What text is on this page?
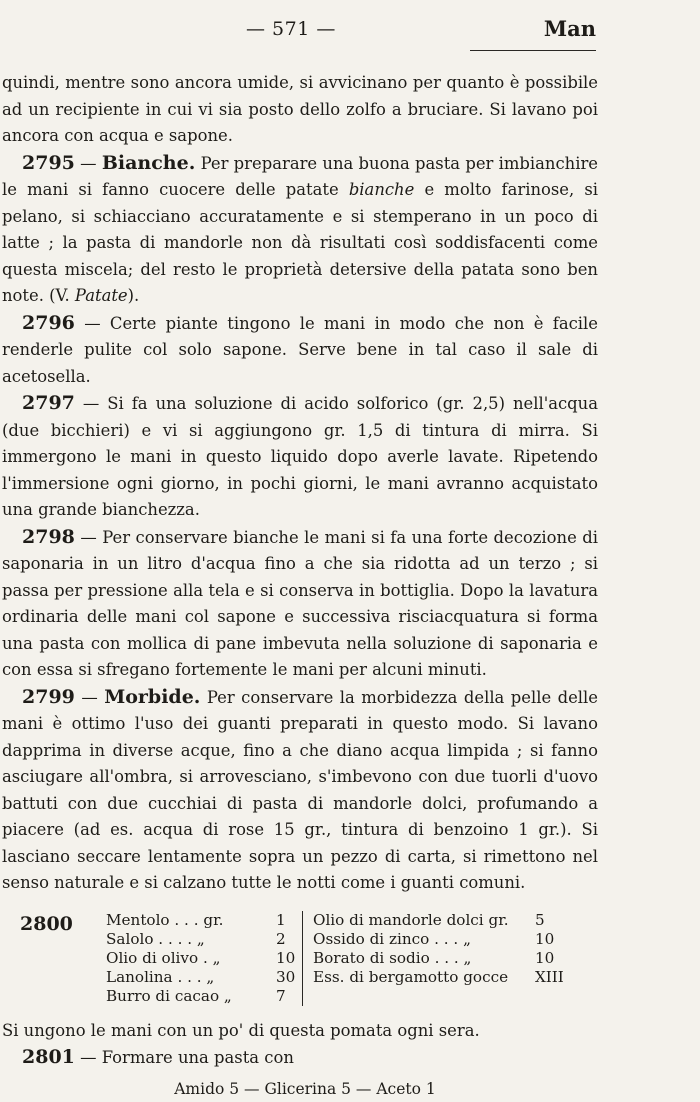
— 571 —	Man

quindi, mentre sono ancora umide, si avvicinano per quanto è possibile ad un recipiente in cui vi sia posto dello zolfo a bruciare. Si lavano poi ancora con acqua e sapone.

2795 — Bianche. Per preparare una buona pasta per imbianchire le mani si fanno cuocere delle patate bianche e molto farinose, si pelano, si schiacciano accuratamente e si stemperano in un poco di latte ; la pasta di mandorle non dà risultati così soddisfacenti come questa miscela; del resto le proprietà detersive della patata sono ben note. (V. Patate).

2796 — Certe piante tingono le mani in modo che non è facile renderle pulite col solo sapone. Serve bene in tal caso il sale di acetosella.

2797 — Si fa una soluzione di acido solforico (gr. 2,5) nell'acqua (due bicchieri) e vi si aggiungono gr. 1,5 di tintura di mirra. Si immergono le mani in questo liquido dopo averle lavate. Ripetendo l'immersione ogni giorno, in pochi giorni, le mani avranno acquistato una grande bianchezza.

2798 — Per conservare bianche le mani si fa una forte decozione di saponaria in un litro d'acqua fino a che sia ridotta ad un terzo ; si passa per pressione alla tela e si conserva in bottiglia. Dopo la lavatura ordinaria delle mani col sapone e successiva risciacquatura si forma una pasta con mollica di pane imbevuta nella soluzione di saponaria e con essa si sfregano fortemente le mani per alcuni minuti.

2799 — Morbide. Per conservare la morbidezza della pelle delle mani è ottimo l'uso dei guanti preparati in questo modo. Si lavano dapprima in diverse acque, fino a che diano acqua limpida ; si fanno asciugare all'ombra, si arrovesciano, s'imbevono con due tuorli d'uovo battuti con due cucchiai di pasta di mandorle dolci, profumando a piacere (ad es. acqua di rose 15 gr., tintura di benzoino 1 gr.). Si lasciano seccare lentamente sopra un pezzo di carta, si rimettono nel senso naturale e si calzano tutte le notti come i guanti comuni.

2800	Mentolo . . . gr.	1
Salolo . . . . „	2
Olio di olivo . „	10
Lanolina . . . „	30
Burro di cacao „	7
Olio di mandorle dolci gr.	5
Ossido di zinco . . . „	10
Borato di sodio . . . „	10
Ess. di bergamotto gocce	XIII

Si ungono le mani con un po' di questa pomata ogni sera.

2801 — Formare una pasta con

Amido 5 — Glicerina 5 — Aceto 1
